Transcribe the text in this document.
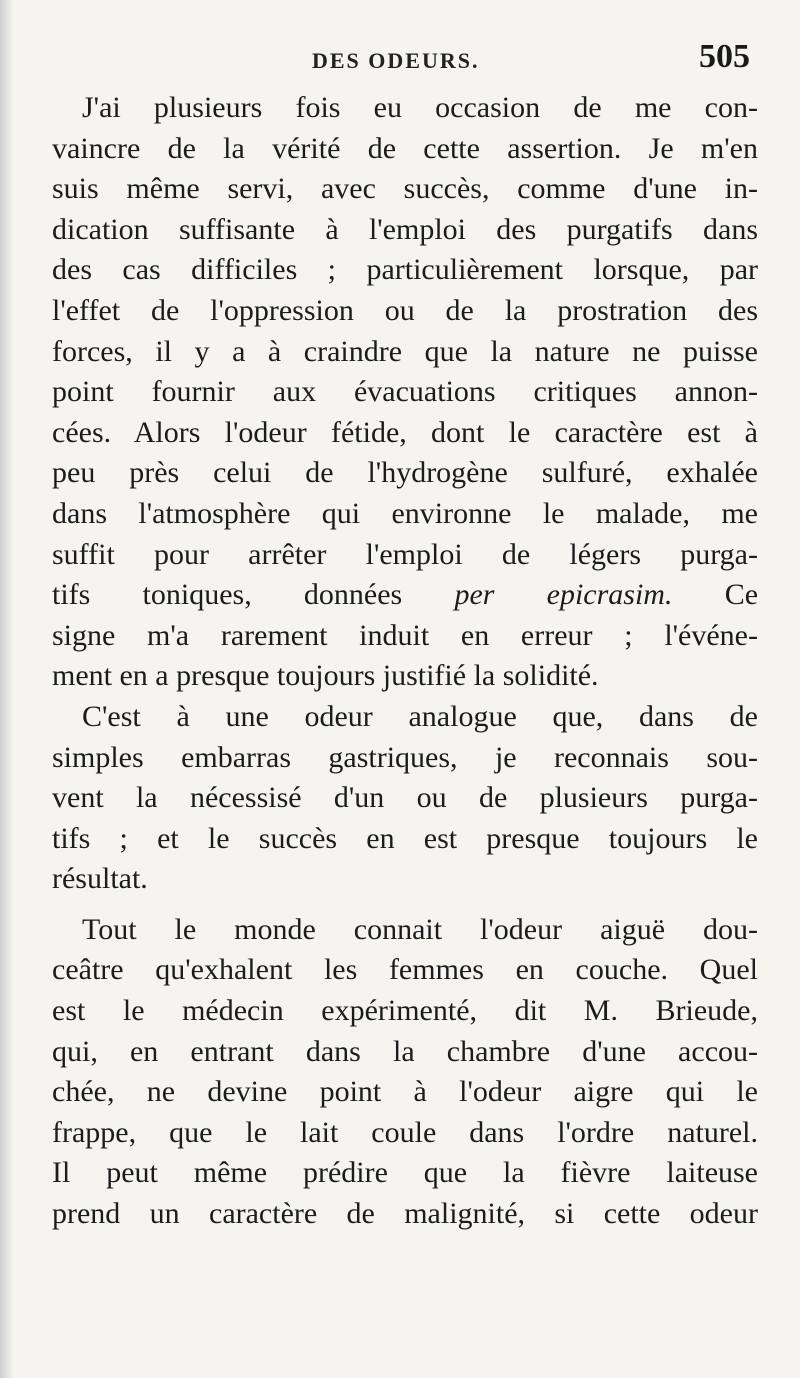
DES ODEURS.	505
J'ai plusieurs fois eu occasion de me con-
vaincre de la vérité de cette assertion. Je m'en
suis même servi, avec succès, comme d'une in-
dication suffisante à l'emploi des purgatifs dans
des cas difficiles ; particulièrement lorsque, par
l'effet de l'oppression ou de la prostration des
forces, il y a à craindre que la nature ne puisse
point fournir aux évacuations critiques annon-
cées. Alors l'odeur fétide, dont le caractère est à
peu près celui de l'hydrogène sulfuré, exhalée
dans l'atmosphère qui environne le malade, me
suffit pour arrêter l'emploi de légers purga-
tifs toniques, données per epicrasim. Ce
signe m'a rarement induit en erreur ; l'événe-
ment en a presque toujours justifié la solidité.
C'est à une odeur analogue que, dans de
simples embarras gastriques, je reconnais sou-
vent la nécessisé d'un ou de plusieurs purga-
tifs ; et le succès en est presque toujours le
résultat.
Tout le monde connait l'odeur aiguë dou-
ceâtre qu'exhalent les femmes en couche. Quel
est le médecin expérimenté, dit M. Brieude,
qui, en entrant dans la chambre d'une accou-
chée, ne devine point à l'odeur aigre qui le
frappe, que le lait coule dans l'ordre naturel.
Il peut même prédire que la fièvre laiteuse
prend un caractère de malignité, si cette odeur
